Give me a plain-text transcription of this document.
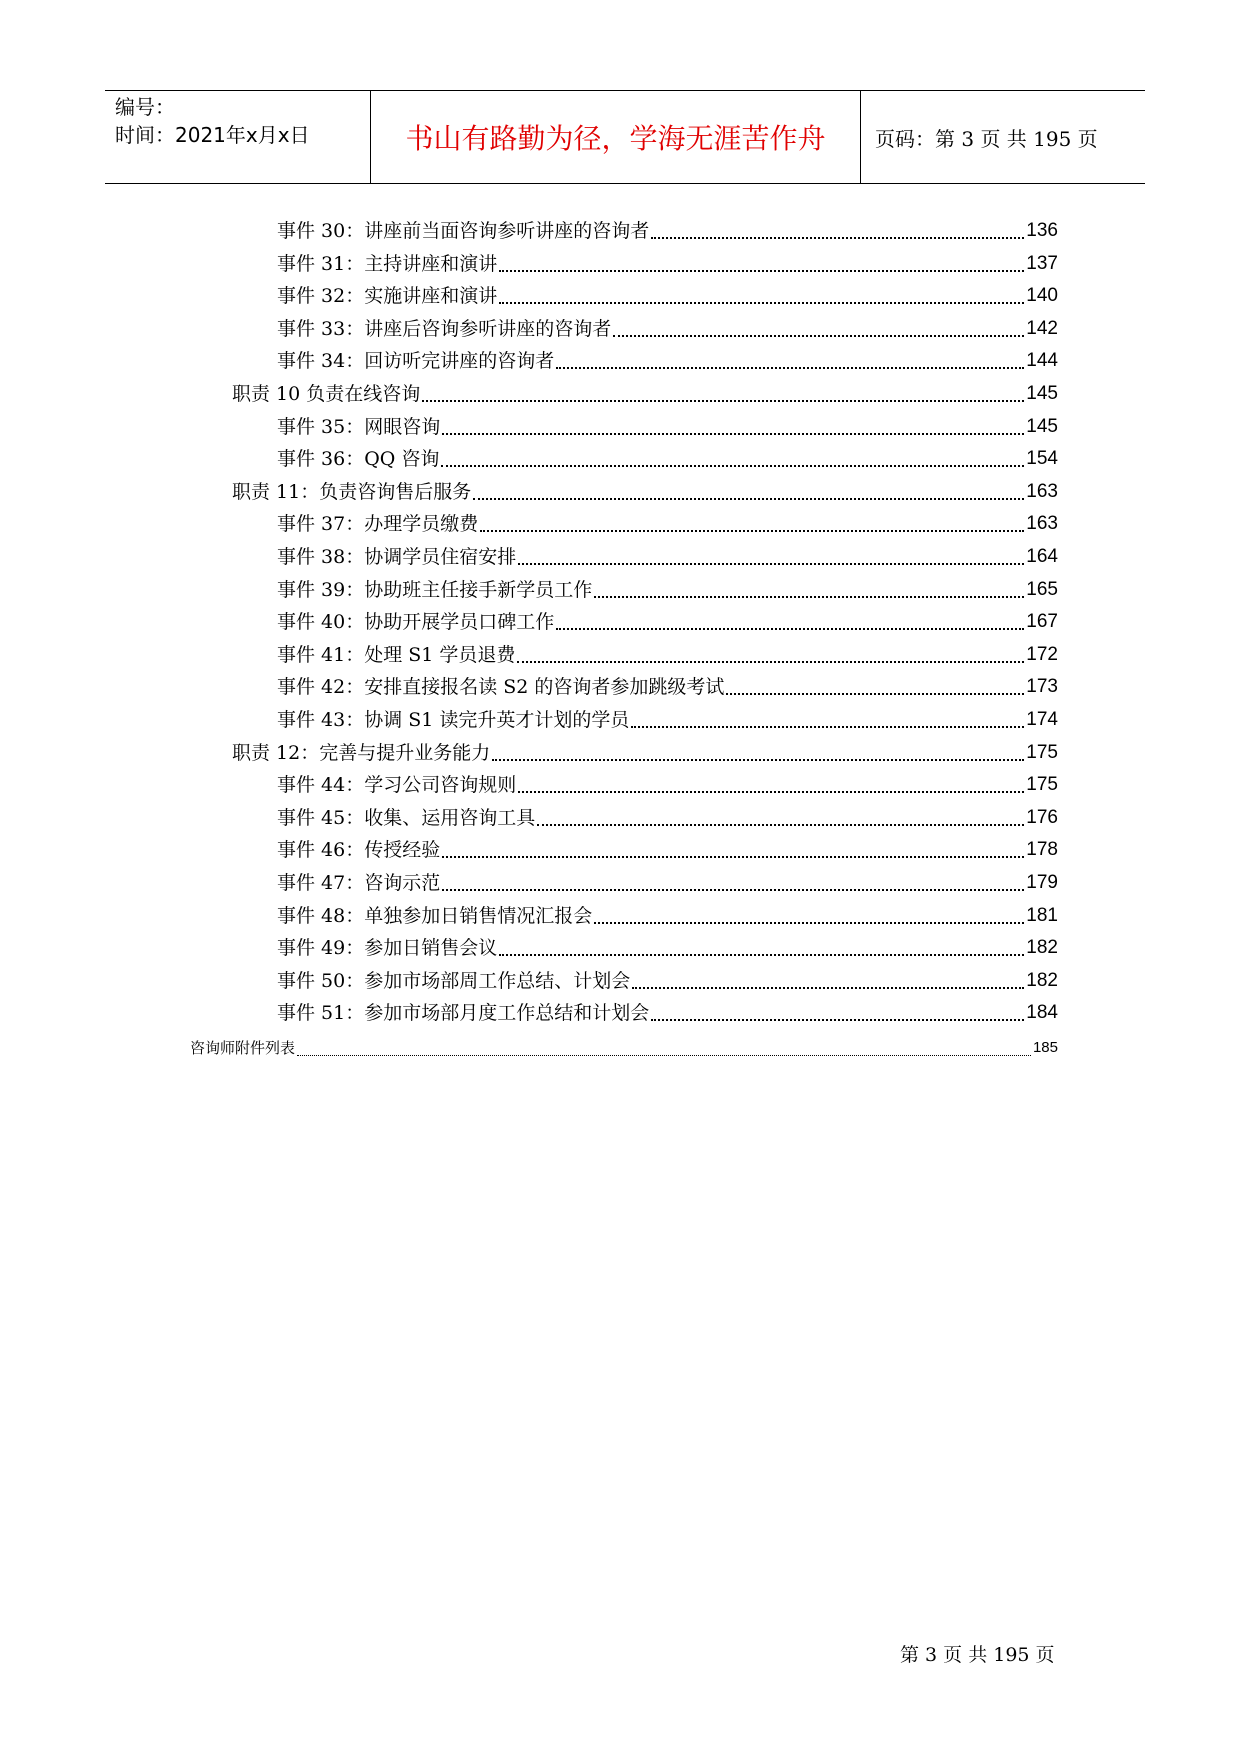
编号：
时间：2021年x月x日	书山有路勤为径，学海无涯苦作舟	页码：第 3 页 共 195 页
事件 30：讲座前当面咨询参听讲座的咨询者	136
事件 31：主持讲座和演讲	137
事件 32：实施讲座和演讲	140
事件 33：讲座后咨询参听讲座的咨询者	142
事件 34：回访听完讲座的咨询者	144
职责 10 负责在线咨询	145
事件 35：网眼咨询	145
事件 36：QQ 咨询	154
职责 11：负责咨询售后服务	163
事件 37：办理学员缴费	163
事件 38：协调学员住宿安排	164
事件 39：协助班主任接手新学员工作	165
事件 40：协助开展学员口碑工作	167
事件 41：处理 S1 学员退费	172
事件 42：安排直接报名读 S2 的咨询者参加跳级考试	173
事件 43：协调 S1 读完升英才计划的学员	174
职责 12：完善与提升业务能力	175
事件 44：学习公司咨询规则	175
事件 45：收集、运用咨询工具	176
事件 46：传授经验	178
事件 47：咨询示范	179
事件 48：单独参加日销售情况汇报会	181
事件 49：参加日销售会议	182
事件 50：参加市场部周工作总结、计划会	182
事件 51：参加市场部月度工作总结和计划会	184
咨询师附件列表	185
第 3 页 共 195 页
